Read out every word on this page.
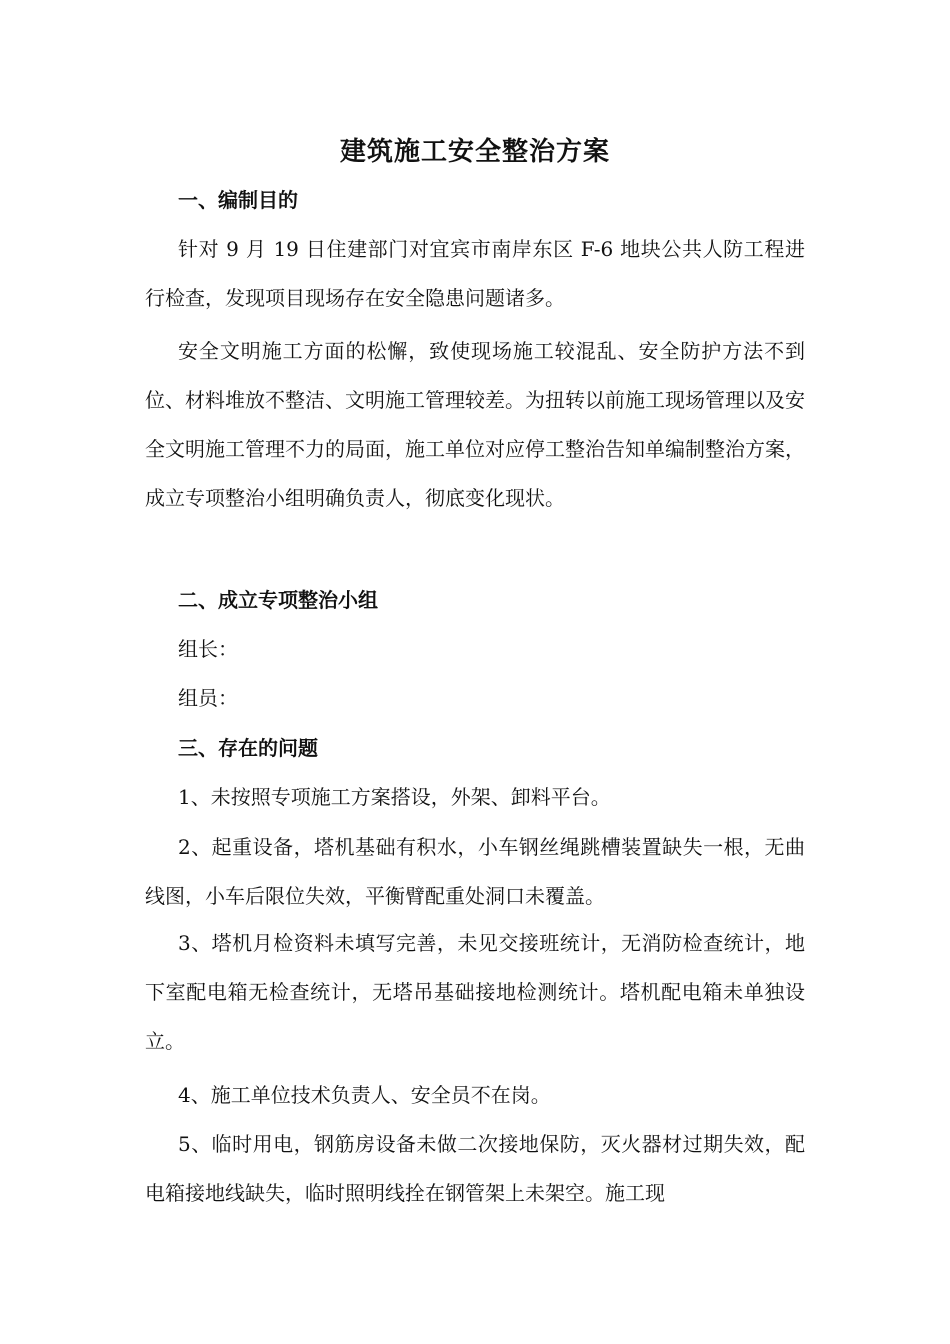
建筑施工安全整治方案

一、编制目的

针对 9 月 19 日住建部门对宜宾市南岸东区 F-6 地块公共人防工程进行检查，发现项目现场存在安全隐患问题诸多。

安全文明施工方面的松懈，致使现场施工较混乱、安全防护方法不到位、材料堆放不整洁、文明施工管理较差。为扭转以前施工现场管理以及安全文明施工管理不力的局面，施工单位对应停工整治告知单编制整治方案，成立专项整治小组明确负责人，彻底变化现状。

二、成立专项整治小组

组长：

组员：

三、存在的问题

1、未按照专项施工方案搭设，外架、卸料平台。

2、起重设备，塔机基础有积水，小车钢丝绳跳槽装置缺失一根，无曲线图，小车后限位失效，平衡臂配重处洞口未覆盖。

3、塔机月检资料未填写完善，未见交接班统计，无消防检查统计，地下室配电箱无检查统计，无塔吊基础接地检测统计。塔机配电箱未单独设立。

4、施工单位技术负责人、安全员不在岗。

5、临时用电，钢筋房设备未做二次接地保防，灭火器材过期失效，配电箱接地线缺失，临时照明线拴在钢管架上未架空。施工现
